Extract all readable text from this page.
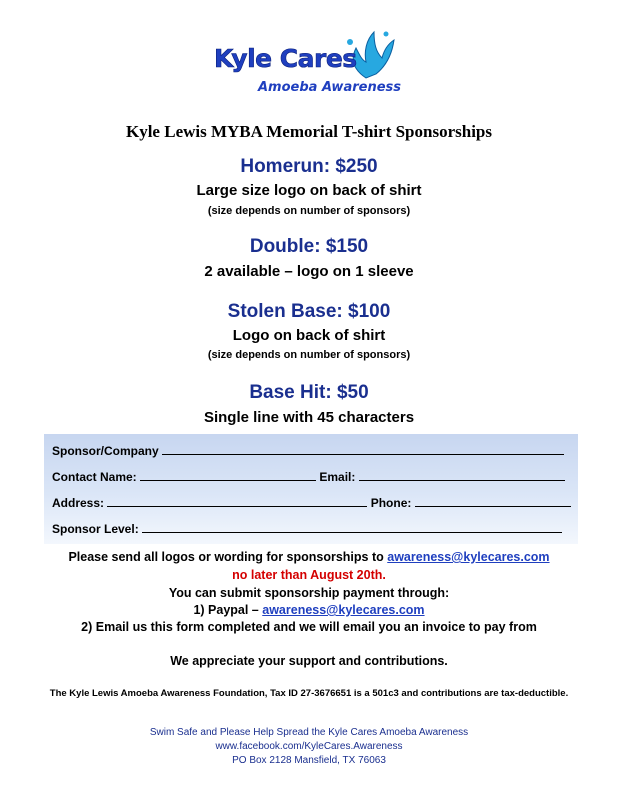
Kyle Cares
Amoeba Awareness
Kyle Lewis MYBA Memorial T-shirt Sponsorships
Homerun: $250
Large size logo on back of shirt
(size depends on number of sponsors)
Double: $150
2 available – logo on 1 sleeve
Stolen Base: $100
Logo on back of shirt
(size depends on number of sponsors)
Base Hit: $50
Single line with 45 characters
Sponsor/Company
Contact Name:	Email:
Address:	Phone:
Sponsor Level:
Please send all logos or wording for sponsorships to awareness@kylecares.com
no later than August 20th.
You can submit sponsorship payment through:
1) Paypal – awareness@kylecares.com
2) Email us this form completed and we will email you an invoice to pay from
We appreciate your support and contributions.
The Kyle Lewis Amoeba Awareness Foundation, Tax ID 27-3676651 is a 501c3 and contributions are tax-deductible.
Swim Safe and Please Help Spread the Kyle Cares Amoeba Awareness
www.facebook.com/KyleCares.Awareness
PO Box 2128 Mansfield, TX 76063
